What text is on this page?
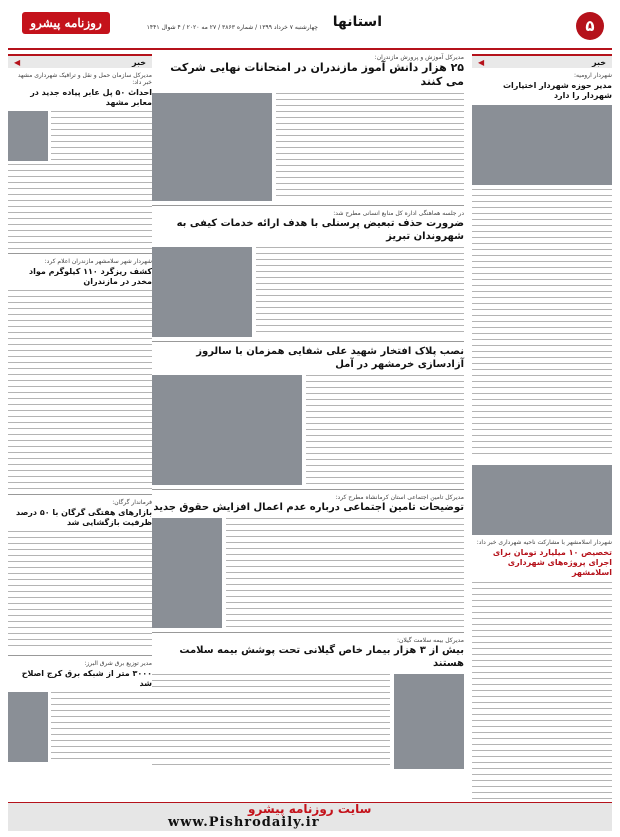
۵
استانها
روزنامه پیشرو	چهارشنبه ۷ خرداد ۱۳۹۹ / شماره ۳۸۶۳ / ۲۷ مه ۲۰۲۰ / ۴ شوال ۱۴۴۱
خبر
◀
شهردار ارومیه:
مدیر حوزه شهردار اختیارات شهردار را دارد
شهردار اسلامشهر با مشارکت ناحیه شهرداری خبر داد:
تخصیص ۱۰ میلیارد تومان برای اجرای پروژه‌های شهرداری اسلامشهر
مدیرکل آموزش و پرورش مازندران:
۲۵ هزار دانش آموز مازندران در امتحانات نهایی شرکت می کنند
در جلسه هماهنگی اداره کل منابع انسانی مطرح شد:
ضرورت حذف تبعیض پرسنلی با هدف ارائه خدمات کیفی به شهروندان تبریز
نصب پلاک افتخار شهید علی شفایی همزمان با سالروز آزادسازی خرمشهر در آمل
مدیرکل تامین اجتماعی استان کرمانشاه مطرح کرد:
توضیحات تامین اجتماعی درباره عدم اعمال افزایش حقوق جدید
مدیرکل بیمه سلامت گیلان:
بیش از ۳ هزار بیمار خاص گیلانی تحت پوشش بیمه سلامت هستند
خبر
◀
مدیرکل سازمان حمل و نقل و ترافیک شهرداری مشهد خبر داد:
احداث ۵۰ پل عابر پیاده جدید در معابر مشهد
شهردار شهر سلامشهر مازندران اعلام کرد:
کشف ریزگرد ۱۱۰ کیلوگرم مواد مخدر در مازندران
فرماندار گرگان:
بازارهای هفتگی گرگان با ۵۰ درصد ظرفیت بازگشایی شد
مدیر توزیع برق شرق البرز:
۳۰۰۰ متر از شبکه برق کرج اصلاح شد
سایت روزنامه پیشرو
www.Pishrodaily.ir
